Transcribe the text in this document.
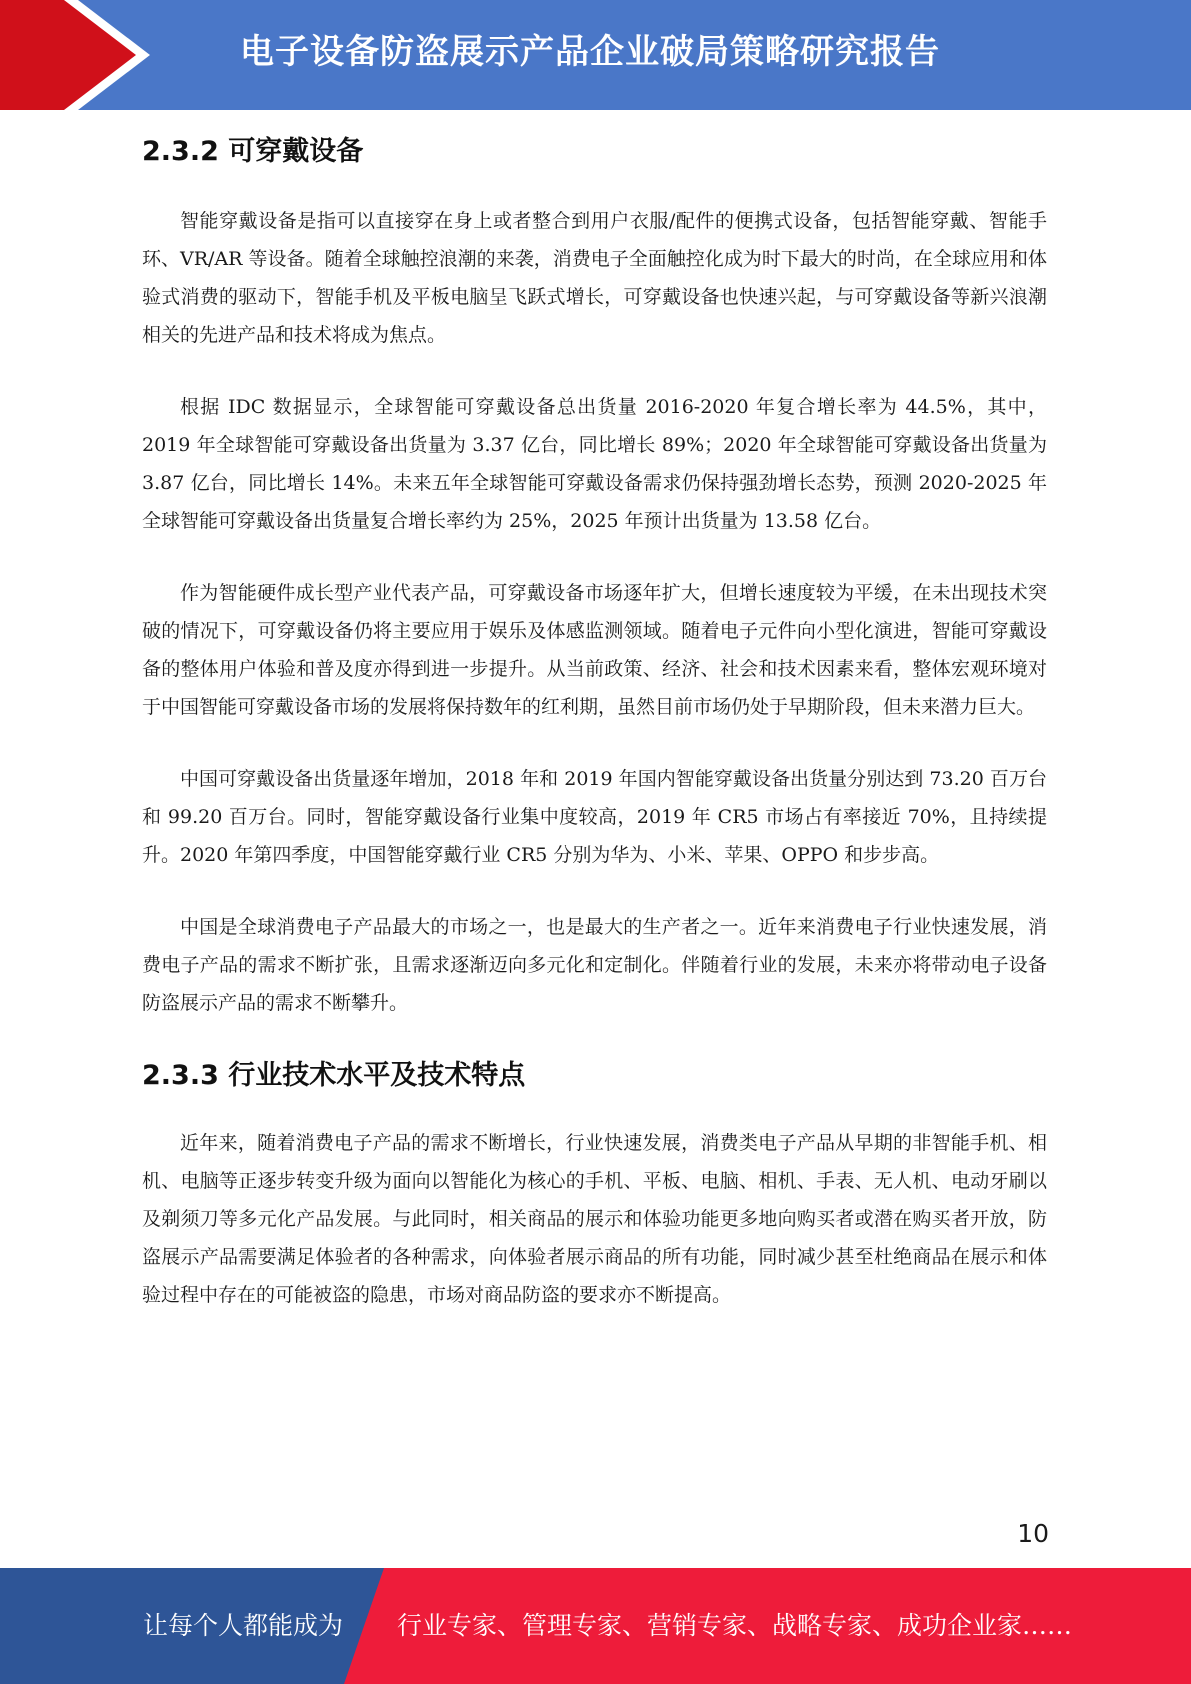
电子设备防盗展示产品企业破局策略研究报告
2.3.2 可穿戴设备

智能穿戴设备是指可以直接穿在身上或者整合到用户衣服/配件的便携式设备，包括智能穿戴、智能手环、VR/AR 等设备。随着全球触控浪潮的来袭，消费电子全面触控化成为时下最大的时尚，在全球应用和体验式消费的驱动下，智能手机及平板电脑呈飞跃式增长，可穿戴设备也快速兴起，与可穿戴设备等新兴浪潮相关的先进产品和技术将成为焦点。

根据 IDC 数据显示，全球智能可穿戴设备总出货量 2016-2020 年复合增长率为 44.5%，其中，2019 年全球智能可穿戴设备出货量为 3.37 亿台，同比增长 89%；2020 年全球智能可穿戴设备出货量为 3.87 亿台，同比增长 14%。未来五年全球智能可穿戴设备需求仍保持强劲增长态势，预测 2020-2025 年全球智能可穿戴设备出货量复合增长率约为 25%，2025 年预计出货量为 13.58 亿台。

作为智能硬件成长型产业代表产品，可穿戴设备市场逐年扩大，但增长速度较为平缓，在未出现技术突破的情况下，可穿戴设备仍将主要应用于娱乐及体感监测领域。随着电子元件向小型化演进，智能可穿戴设备的整体用户体验和普及度亦得到进一步提升。从当前政策、经济、社会和技术因素来看，整体宏观环境对于中国智能可穿戴设备市场的发展将保持数年的红利期，虽然目前市场仍处于早期阶段，但未来潜力巨大。

中国可穿戴设备出货量逐年增加，2018 年和 2019 年国内智能穿戴设备出货量分别达到 73.20 百万台和 99.20 百万台。同时，智能穿戴设备行业集中度较高，2019 年 CR5 市场占有率接近 70%，且持续提升。2020 年第四季度，中国智能穿戴行业 CR5 分别为华为、小米、苹果、OPPO 和步步高。

中国是全球消费电子产品最大的市场之一，也是最大的生产者之一。近年来消费电子行业快速发展，消费电子产品的需求不断扩张，且需求逐渐迈向多元化和定制化。伴随着行业的发展，未来亦将带动电子设备防盗展示产品的需求不断攀升。

2.3.3 行业技术水平及技术特点

近年来，随着消费电子产品的需求不断增长，行业快速发展，消费类电子产品从早期的非智能手机、相机、电脑等正逐步转变升级为面向以智能化为核心的手机、平板、电脑、相机、手表、无人机、电动牙刷以及剃须刀等多元化产品发展。与此同时，相关商品的展示和体验功能更多地向购买者或潜在购买者开放，防盗展示产品需要满足体验者的各种需求，向体验者展示商品的所有功能，同时减少甚至杜绝商品在展示和体验过程中存在的可能被盗的隐患，市场对商品防盗的要求亦不断提高。

10
让每个人都能成为 行业专家、管理专家、营销专家、战略专家、成功企业家……
